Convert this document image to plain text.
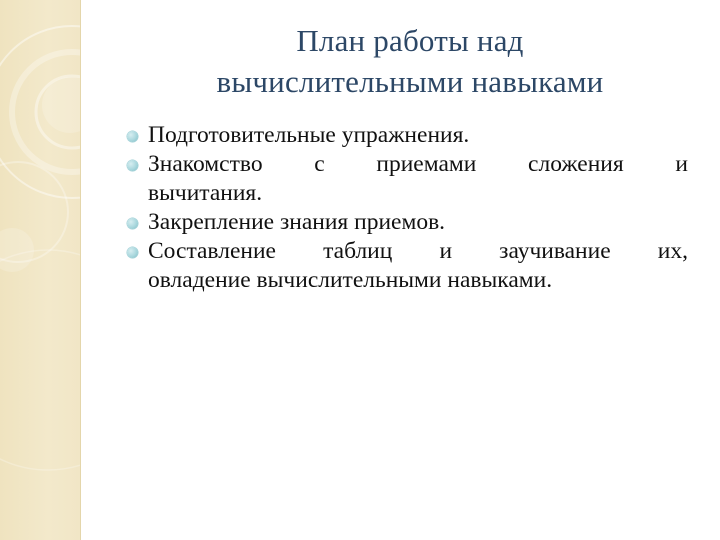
План работы над
вычислительными навыками
Подготовительные упражнения.
Знакомство с приемами сложения и
вычитания.
Закрепление знания приемов.
Составление таблиц и заучивание их,
овладение вычислительными навыками.
